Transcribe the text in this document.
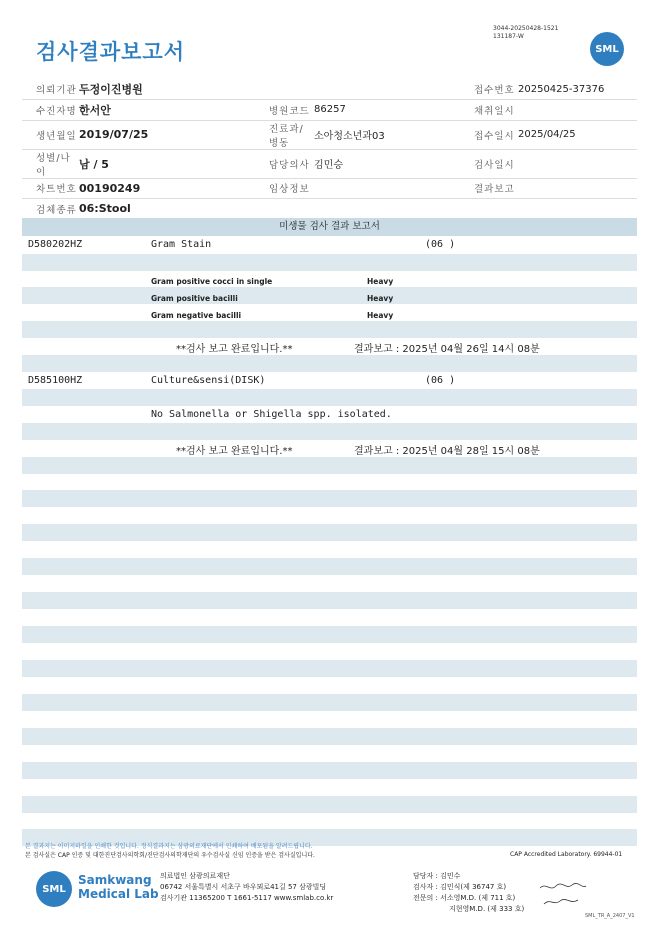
검사결과보고서
3044-20250428-1521
131187-W
SML
의뢰기관	두정이진병원			접수번호	20250425-37376
수진자명	한서안	병원코드	86257	채취일시	
생년월일	2019/07/25	진료과/병동	소아청소년과03	접수일시	2025/04/25
성별/나이	남 / 5	담당의사	김민승	검사일시	
차트번호	00190249	임상정보		결과보고	
검체종류	06:Stool				
미생물 검사 결과 보고서
D580202HZ	Gram Stain	(06 )
Gram positive cocci in single	Heavy
Gram positive bacilli	Heavy
Gram negative bacilli	Heavy
**검사 보고 완료입니다.**	결과보고 : 2025년 04월 26일 14시 08분
D585100HZ	Culture&sensi(DISK)	(06 )
No Salmonella or Shigella spp. isolated.
**검사 보고 완료입니다.**	결과보고 : 2025년 04월 28일 15시 08분
본 결과지는 이미지파일을 인쇄한 것입니다. 정식결과지는 삼광의료재단에서 인쇄하여 배포됨을 알려드립니다.
본 검사실은 CAP 인증 및 대한진단검사의학회/진단검사의학재단의 우수검사실 신임 인증을 받은 검사실입니다.	CAP Accredited Laboratory. 69944-01
SML
Samkwang
Medical Lab
의료법인 삼광의료재단
06742 서울특별시 서초구 바우뫼로41길 57 삼광빌딩
검사기관 11365200 T 1661-5117 www.smlab.co.kr
담당자 : 김민수
검사자 : 김민식(제 36747 호)
전문의 : 서소영M.D. (제 711 호)
지현영M.D. (제 333 호)
SML_TR_A_2407_V1
